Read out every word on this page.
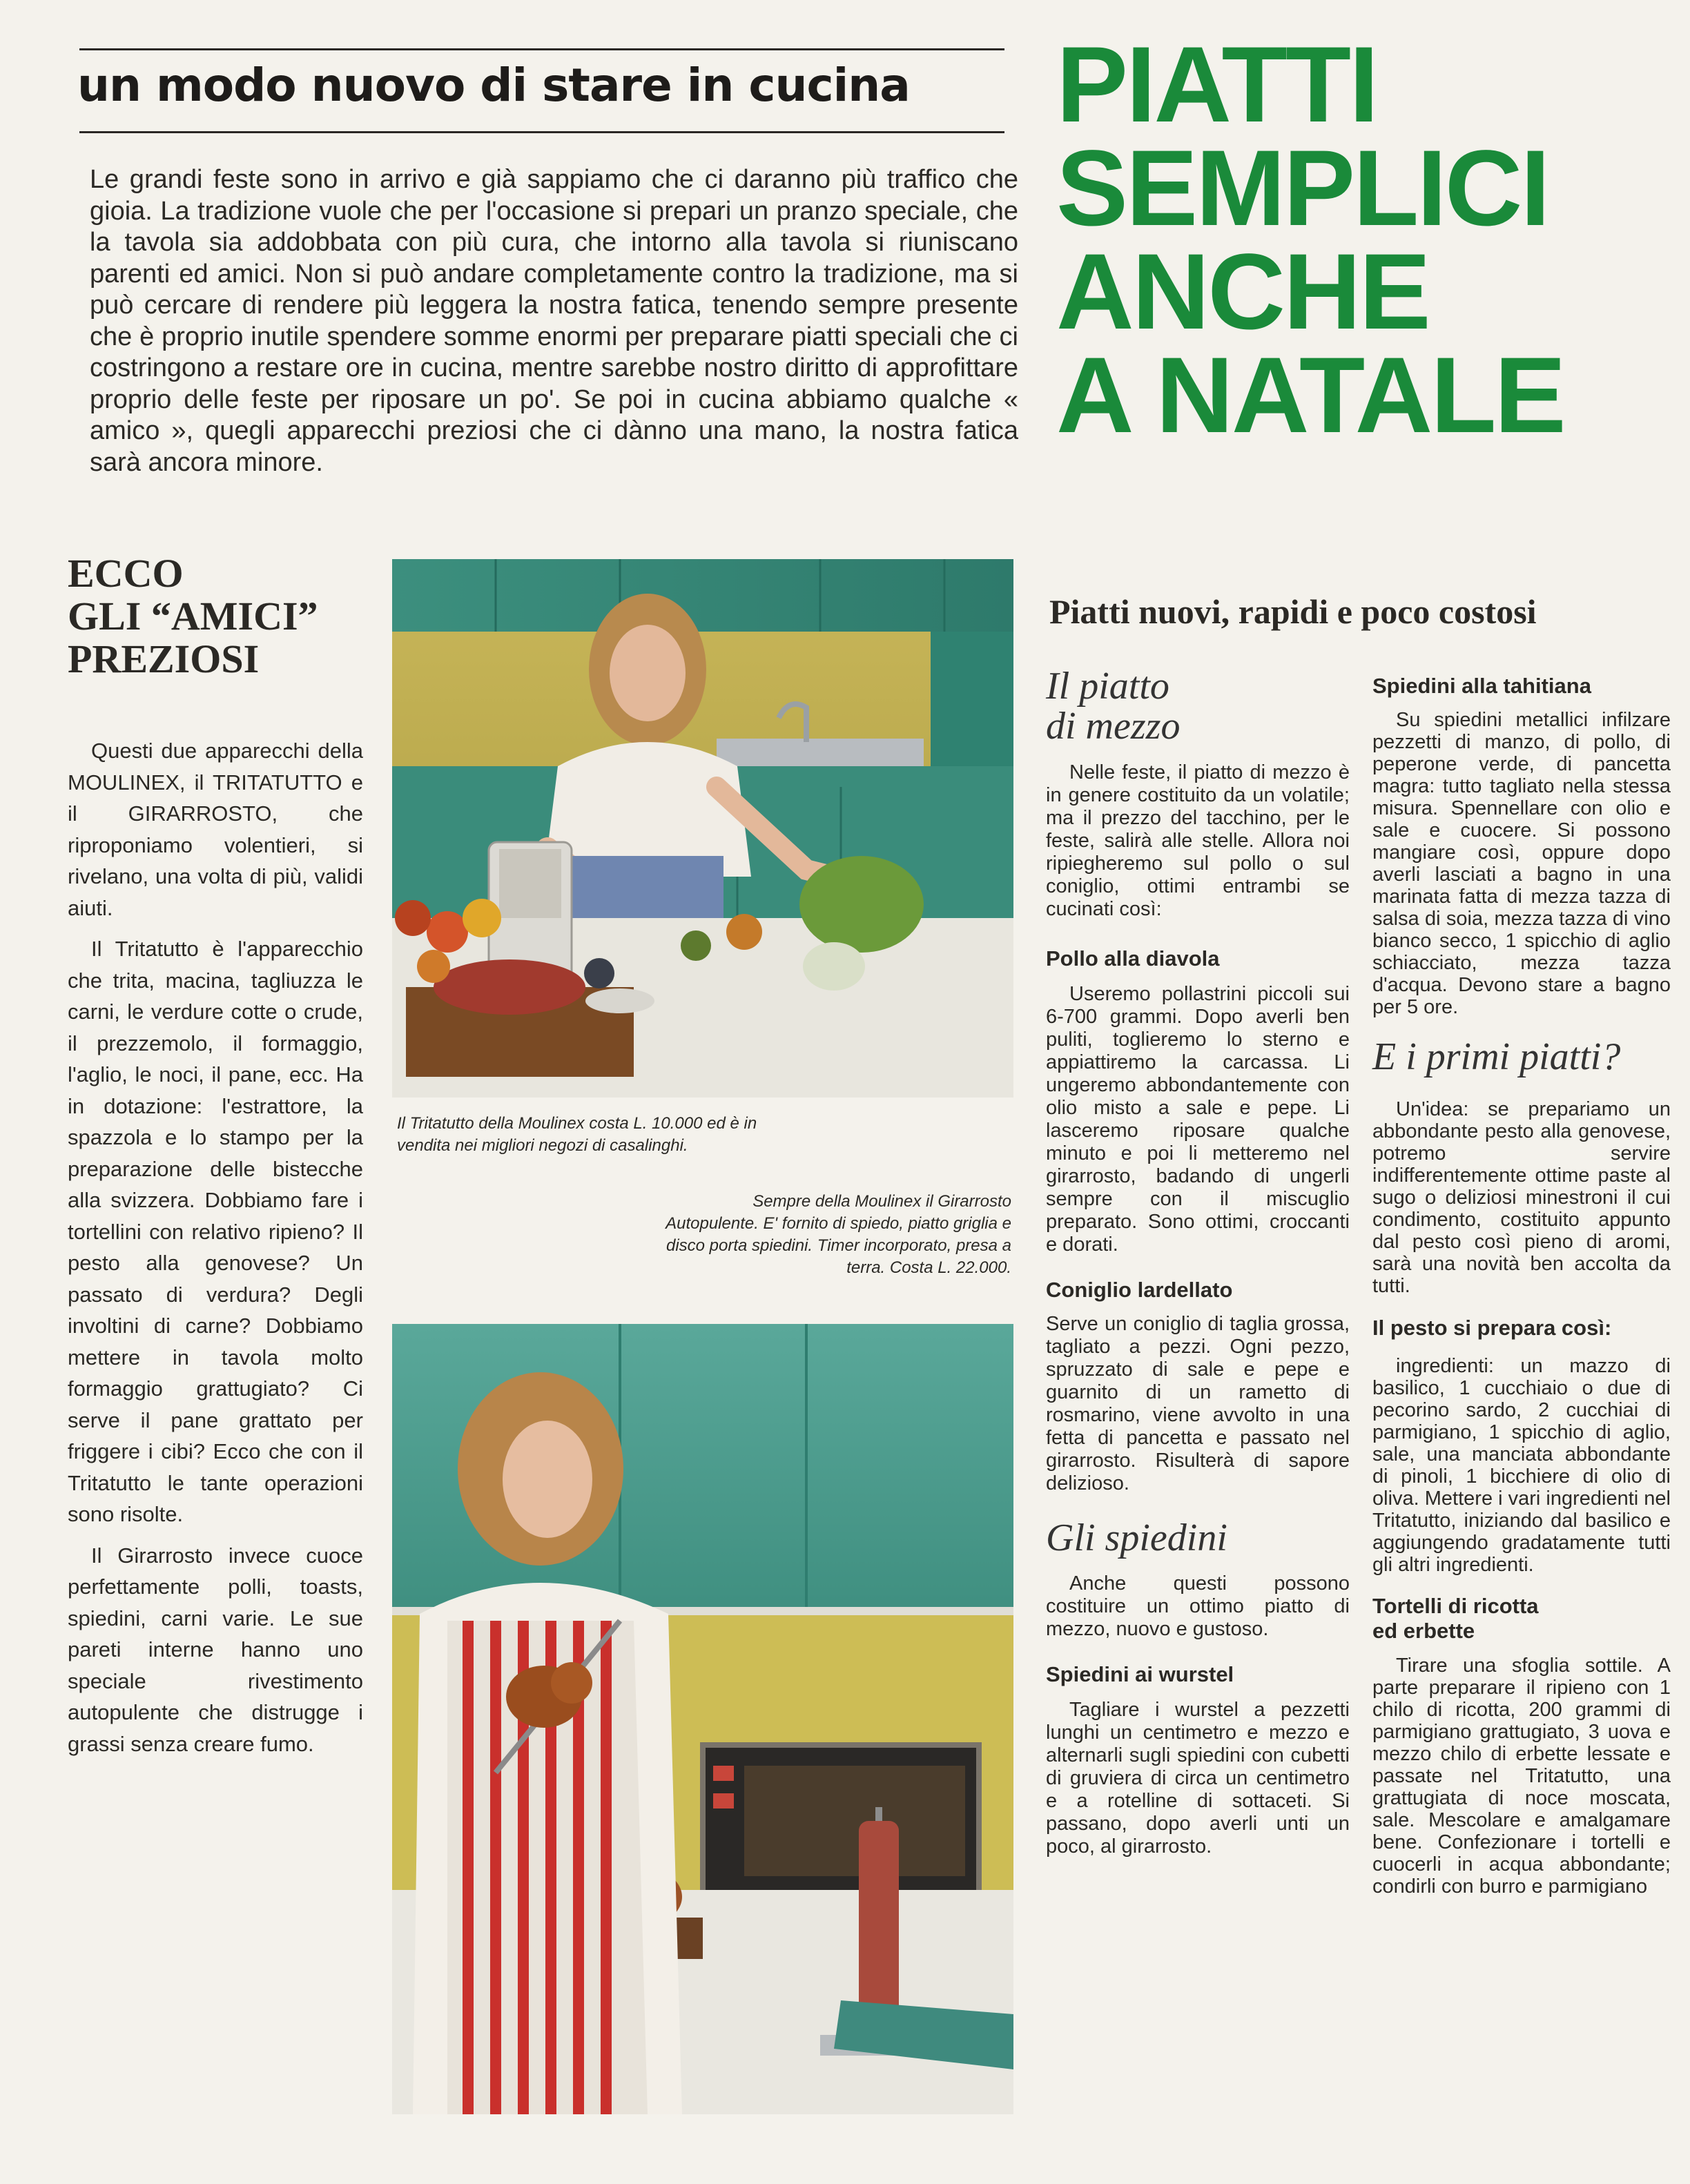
un modo nuovo di stare in cucina	PIATTI
SEMPLICI
ANCHE
A NATALE
Le grandi feste sono in arrivo e già sappiamo che ci daranno più traffico che gioia. La tradizione vuole che per l'occasione si prepari un pranzo speciale, che la tavola sia addobbata con più cura, che intorno alla tavola si riuniscano parenti ed amici. Non si può andare completamente contro la tradizione, ma si può cercare di rendere più leggera la nostra fatica, tenendo sempre presente che è proprio inutile spendere somme enormi per preparare piatti speciali che ci costringono a restare ore in cucina, mentre sarebbe nostro diritto di approfittare proprio delle feste per riposare un po'. Se poi in cucina abbiamo qualche « amico », quegli apparecchi preziosi che ci dànno una mano, la nostra fatica sarà ancora minore.
ECCO
GLI “AMICI”
PREZIOSI

Questi due apparecchi della MOULINEX, il TRITATUTTO e il GIRARROSTO, che riproponiamo volentieri, si rivelano, una volta di più, validi aiuti.

Il Tritatutto è l'apparecchio che trita, macina, tagliuzza le carni, le verdure cotte o crude, il prezzemolo, il formaggio, l'aglio, le noci, il pane, ecc. Ha in dotazione: l'estrattore, la spazzola e lo stampo per la preparazione delle bistecche alla svizzera. Dobbiamo fare i tortellini con relativo ripieno? Il pesto alla genovese? Un passato di verdura? Degli involtini di carne? Dobbiamo mettere in tavola molto formaggio grattugiato? Ci serve il pane grattato per friggere i cibi? Ecco che con il Tritatutto le tante operazioni sono risolte.

Il Girarrosto invece cuoce perfettamente polli, toasts, spiedini, carni varie. Le sue pareti interne hanno uno speciale rivestimento autopulente che distrugge i grassi senza creare fumo.

Il Tritatutto della Moulinex costa L. 10.000 ed è in vendita nei migliori negozi di casalinghi.
Sempre della Moulinex il Girarrosto Autopulente. E' fornito di spiedo, piatto griglia e disco porta spiedini. Timer incorporato, presa a terra. Costa L. 22.000.
Piatti nuovi, rapidi e poco costosi
Il piatto
di mezzo

Nelle feste, il piatto di mezzo è in genere costituito da un volatile; ma il prezzo del tacchino, per le feste, salirà alle stelle. Allora noi ripiegheremo sul pollo o sul coniglio, ottimi entrambi se cucinati così:

Pollo alla diavola

Useremo pollastrini piccoli sui 6-700 grammi. Dopo averli ben puliti, toglieremo lo sterno e appiattiremo la carcassa. Li ungeremo abbondantemente con olio misto a sale e pepe. Li lasceremo riposare qualche minuto e poi li metteremo nel girarrosto, badando di ungerli sempre con il miscuglio preparato. Sono ottimi, croccanti e dorati.

Coniglio lardellato

Serve un coniglio di taglia grossa, tagliato a pezzi. Ogni pezzo, spruzzato di sale e pepe e guarnito di un rametto di rosmarino, viene avvolto in una fetta di pancetta e passato nel girarrosto. Risulterà di sapore delizioso.

Gli spiedini

Anche questi possono costituire un ottimo piatto di mezzo, nuovo e gustoso.

Spiedini ai wurstel

Tagliare i wurstel a pezzetti lunghi un centimetro e mezzo e alternarli sugli spiedini con cubetti di gruviera di circa un centimetro e a rotelline di sottaceti. Si passano, dopo averli unti un poco, al girarrosto.

Spiedini alla tahitiana

Su spiedini metallici infilzare pezzetti di manzo, di pollo, di peperone verde, di pancetta magra: tutto tagliato nella stessa misura. Spennellare con olio e sale e cuocere. Si possono mangiare così, oppure dopo averli lasciati a bagno in una marinata fatta di mezza tazza di salsa di soia, mezza tazza di vino bianco secco, 1 spicchio di aglio schiacciato, mezza tazza d'acqua. Devono stare a bagno per 5 ore.

E i primi piatti?

Un'idea: se prepariamo un abbondante pesto alla genovese, potremo servire indifferentemente ottime paste al sugo o deliziosi minestroni il cui condimento, costituito appunto dal pesto così pieno di aromi, sarà una novità ben accolta da tutti.

Il pesto si prepara così:

ingredienti: un mazzo di basilico, 1 cucchiaio o due di pecorino sardo, 2 cucchiai di parmigiano, 1 spicchio di aglio, sale, una manciata abbondante di pinoli, 1 bicchiere di olio di oliva. Mettere i vari ingredienti nel Tritatutto, iniziando dal basilico e aggiungendo gradatamente tutti gli altri ingredienti.

Tortelli di ricotta
ed erbette

Tirare una sfoglia sottile. A parte preparare il ripieno con 1 chilo di ricotta, 200 grammi di parmigiano grattugiato, 3 uova e mezzo chilo di erbette lessate e passate nel Tritatutto, una grattugiata di noce moscata, sale. Mescolare e amalgamare bene. Confezionare i tortelli e cuocerli in acqua abbondante; condirli con burro e parmigiano
